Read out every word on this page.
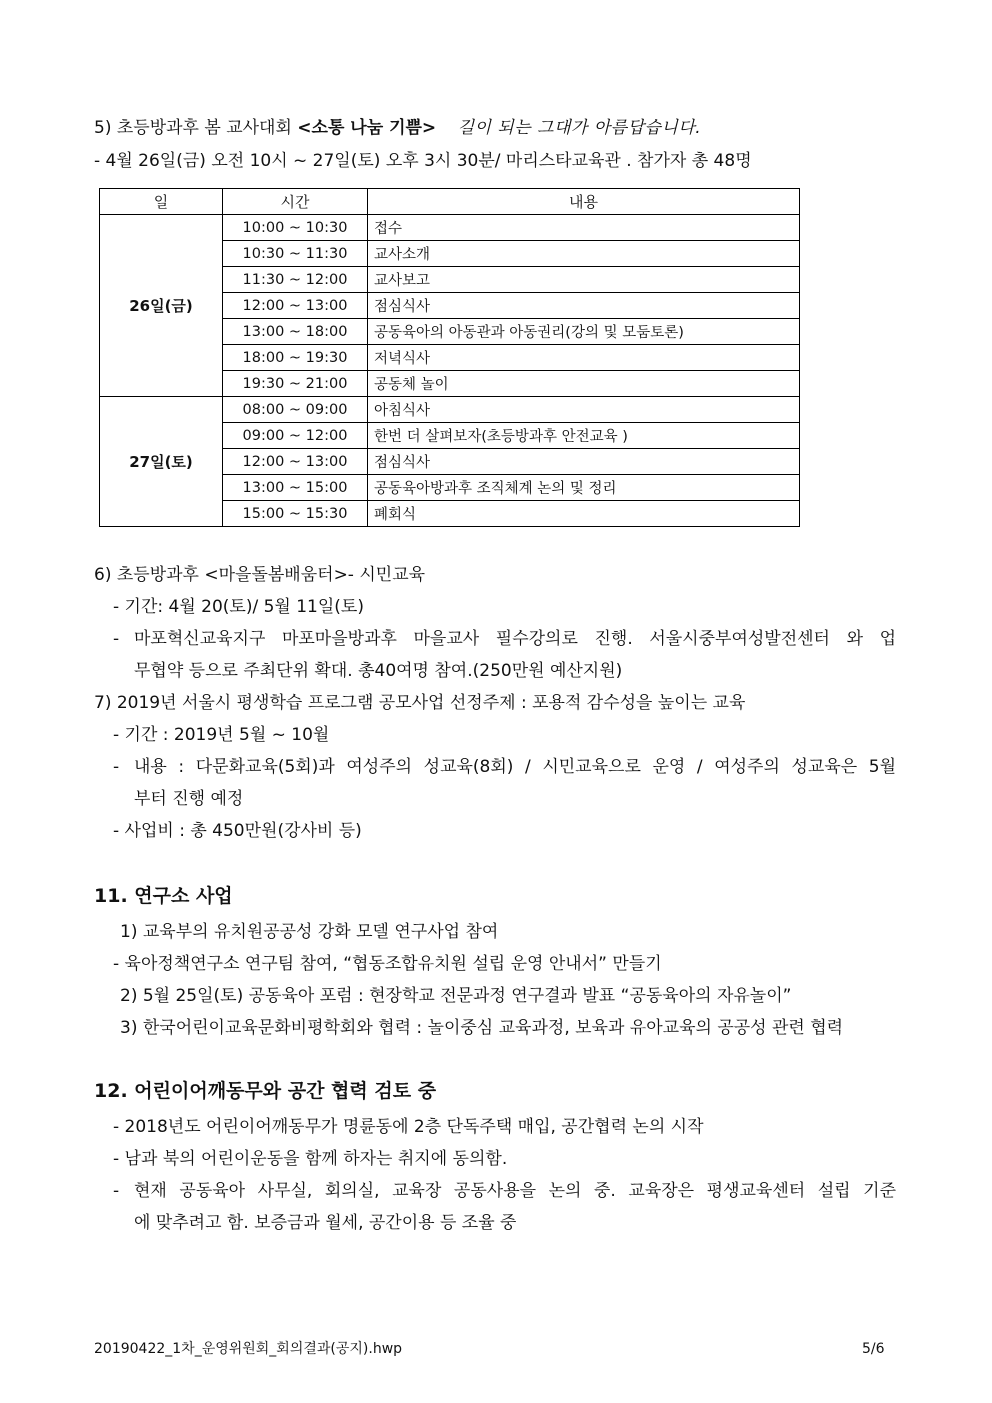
5) 초등방과후 봄 교사대회 <소통 나눔 기쁨> 길이 되는 그대가 아름답습니다.
- 4월 26일(금) 오전 10시 ~ 27일(토) 오후 3시 30분/ 마리스타교육관 . 참가자 총 48명
일	시간	내용
26일(금)	10:00 ~ 10:30	접수
	10:30 ~ 11:30	교사소개
	11:30 ~ 12:00	교사보고
	12:00 ~ 13:00	점심식사
	13:00 ~ 18:00	공동육아의 아동관과 아동권리(강의 및 모둠토론)
	18:00 ~ 19:30	저녁식사
	19:30 ~ 21:00	공동체 놀이
27일(토)	08:00 ~ 09:00	아침식사
	09:00 ~ 12:00	한번 더 살펴보자(초등방과후 안전교육 )
	12:00 ~ 13:00	점심식사
	13:00 ~ 15:00	공동육아방과후 조직체계 논의 및 정리
	15:00 ~ 15:30	폐회식
6) 초등방과후 <마을돌봄배움터>- 시민교육
- 기간: 4월 20(토)/ 5월 11일(토)
- 마포혁신교육지구 마포마을방과후 마을교사 필수강의로 진행. 서울시중부여성발전센터 와 업
무협약 등으로 주최단위 확대. 총40여명 참여.(250만원 예산지원)
7) 2019년 서울시 평생학습 프로그램 공모사업 선정주제 : 포용적 감수성을 높이는 교육
- 기간 : 2019년 5월 ~ 10월
- 내용 : 다문화교육(5회)과 여성주의 성교육(8회) / 시민교육으로 운영 / 여성주의 성교육은 5월
부터 진행 예정
- 사업비 : 총 450만원(강사비 등)
11. 연구소 사업
1) 교육부의 유치원공공성 강화 모델 연구사업 참여
- 육아정책연구소 연구팀 참여, “협동조합유치원 설립 운영 안내서” 만들기
2) 5월 25일(토) 공동육아 포럼 : 현장학교 전문과정 연구결과 발표 “공동육아의 자유놀이”
3) 한국어린이교육문화비평학회와 협력 : 놀이중심 교육과정, 보육과 유아교육의 공공성 관련 협력
12. 어린이어깨동무와 공간 협력 검토 중
- 2018년도 어린이어깨동무가 명륜동에 2층 단독주택 매입, 공간협력 논의 시작
- 남과 북의 어린이운동을 함께 하자는 취지에 동의함.
- 현재 공동육아 사무실, 회의실, 교육장 공동사용을 논의 중. 교육장은 평생교육센터 설립 기준
에 맞추려고 함. 보증금과 월세, 공간이용 등 조율 중
20190422_1차_운영위원회_회의결과(공지).hwp	5/6
